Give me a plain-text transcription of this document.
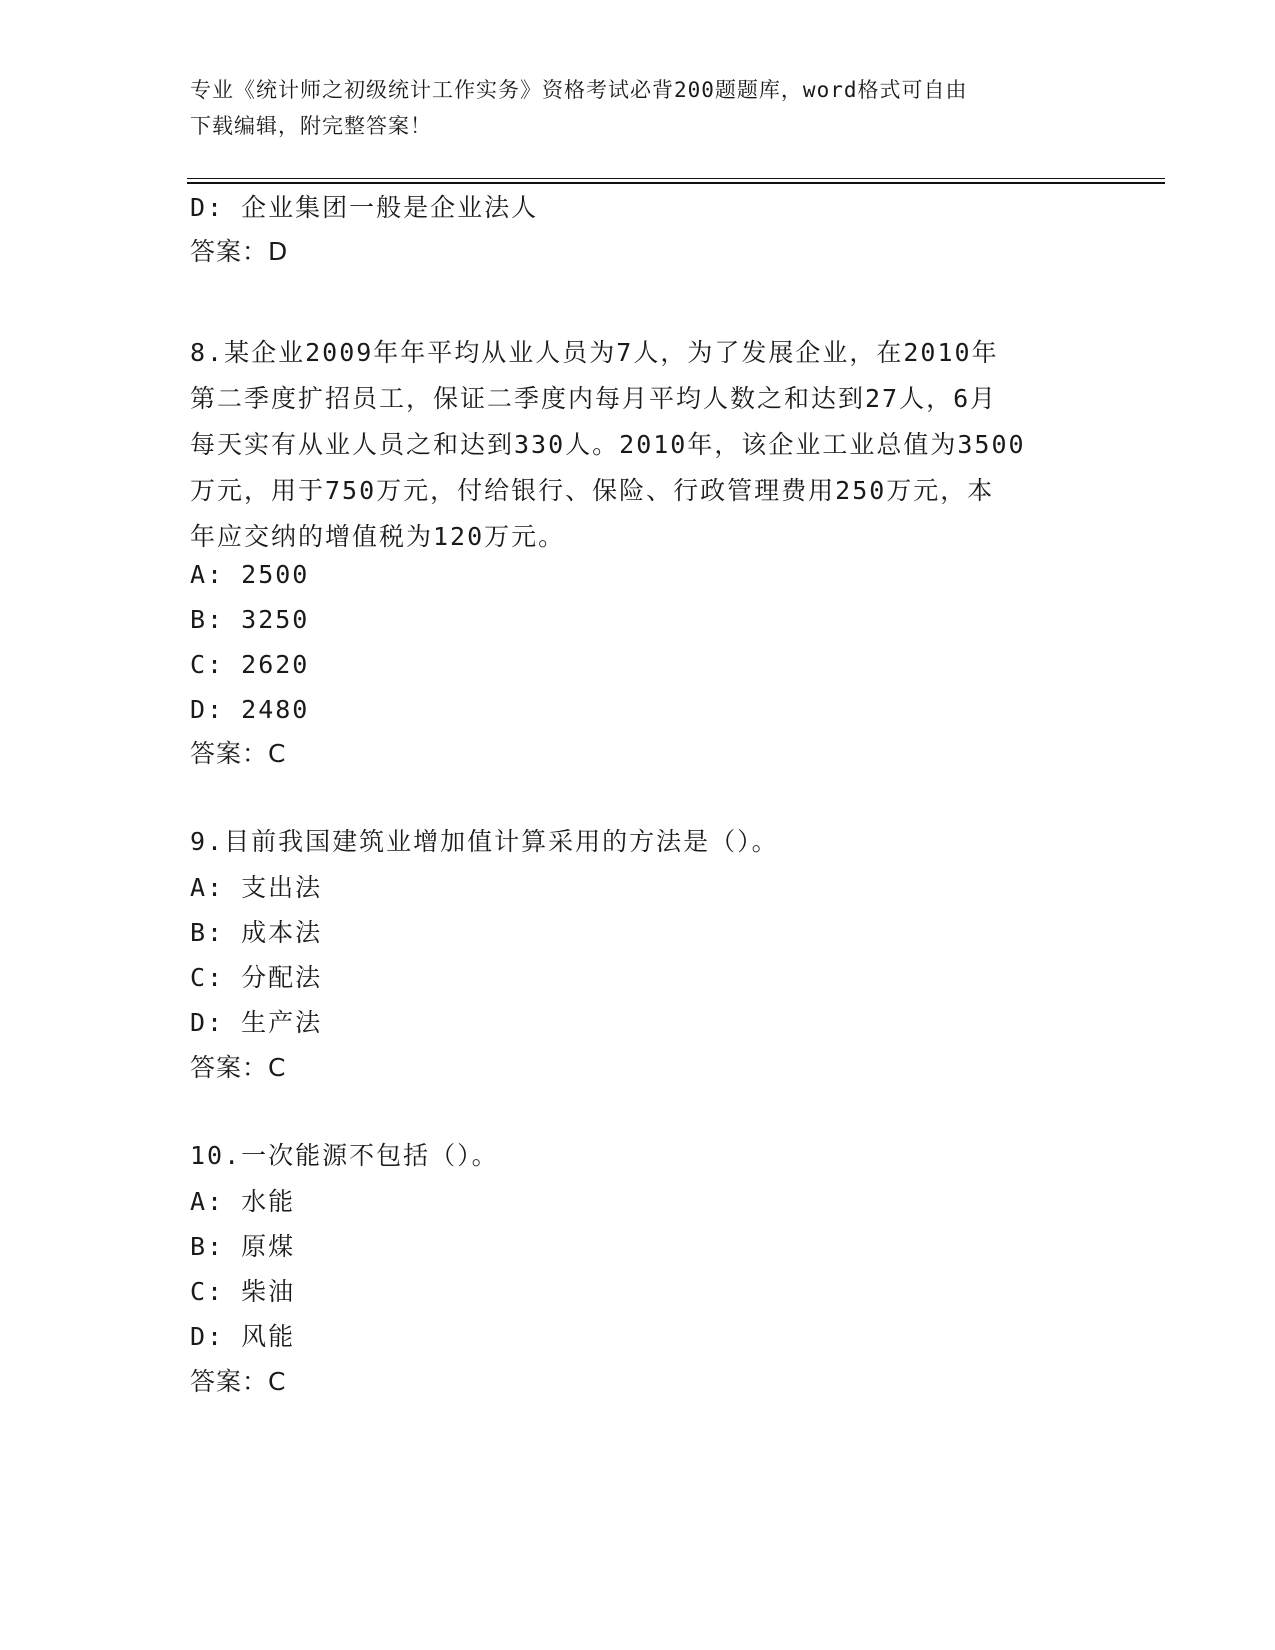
专业《统计师之初级统计工作实务》资格考试必背200题题库，word格式可自由
下载编辑，附完整答案！
D: 企业集团一般是企业法人
答案：D
8.某企业2009年年平均从业人员为7人，为了发展企业，在2010年
第二季度扩招员工，保证二季度内每月平均人数之和达到27人，6月
每天实有从业人员之和达到330人。2010年，该企业工业总值为3500
万元，用于750万元，付给银行、保险、行政管理费用250万元，本
年应交纳的增值税为120万元。
A: 2500
B: 3250
C: 2620
D: 2480
答案：C
9.目前我国建筑业增加值计算采用的方法是（）。
A: 支出法
B: 成本法
C: 分配法
D: 生产法
答案：C
10.一次能源不包括（）。
A: 水能
B: 原煤
C: 柴油
D: 风能
答案：C
